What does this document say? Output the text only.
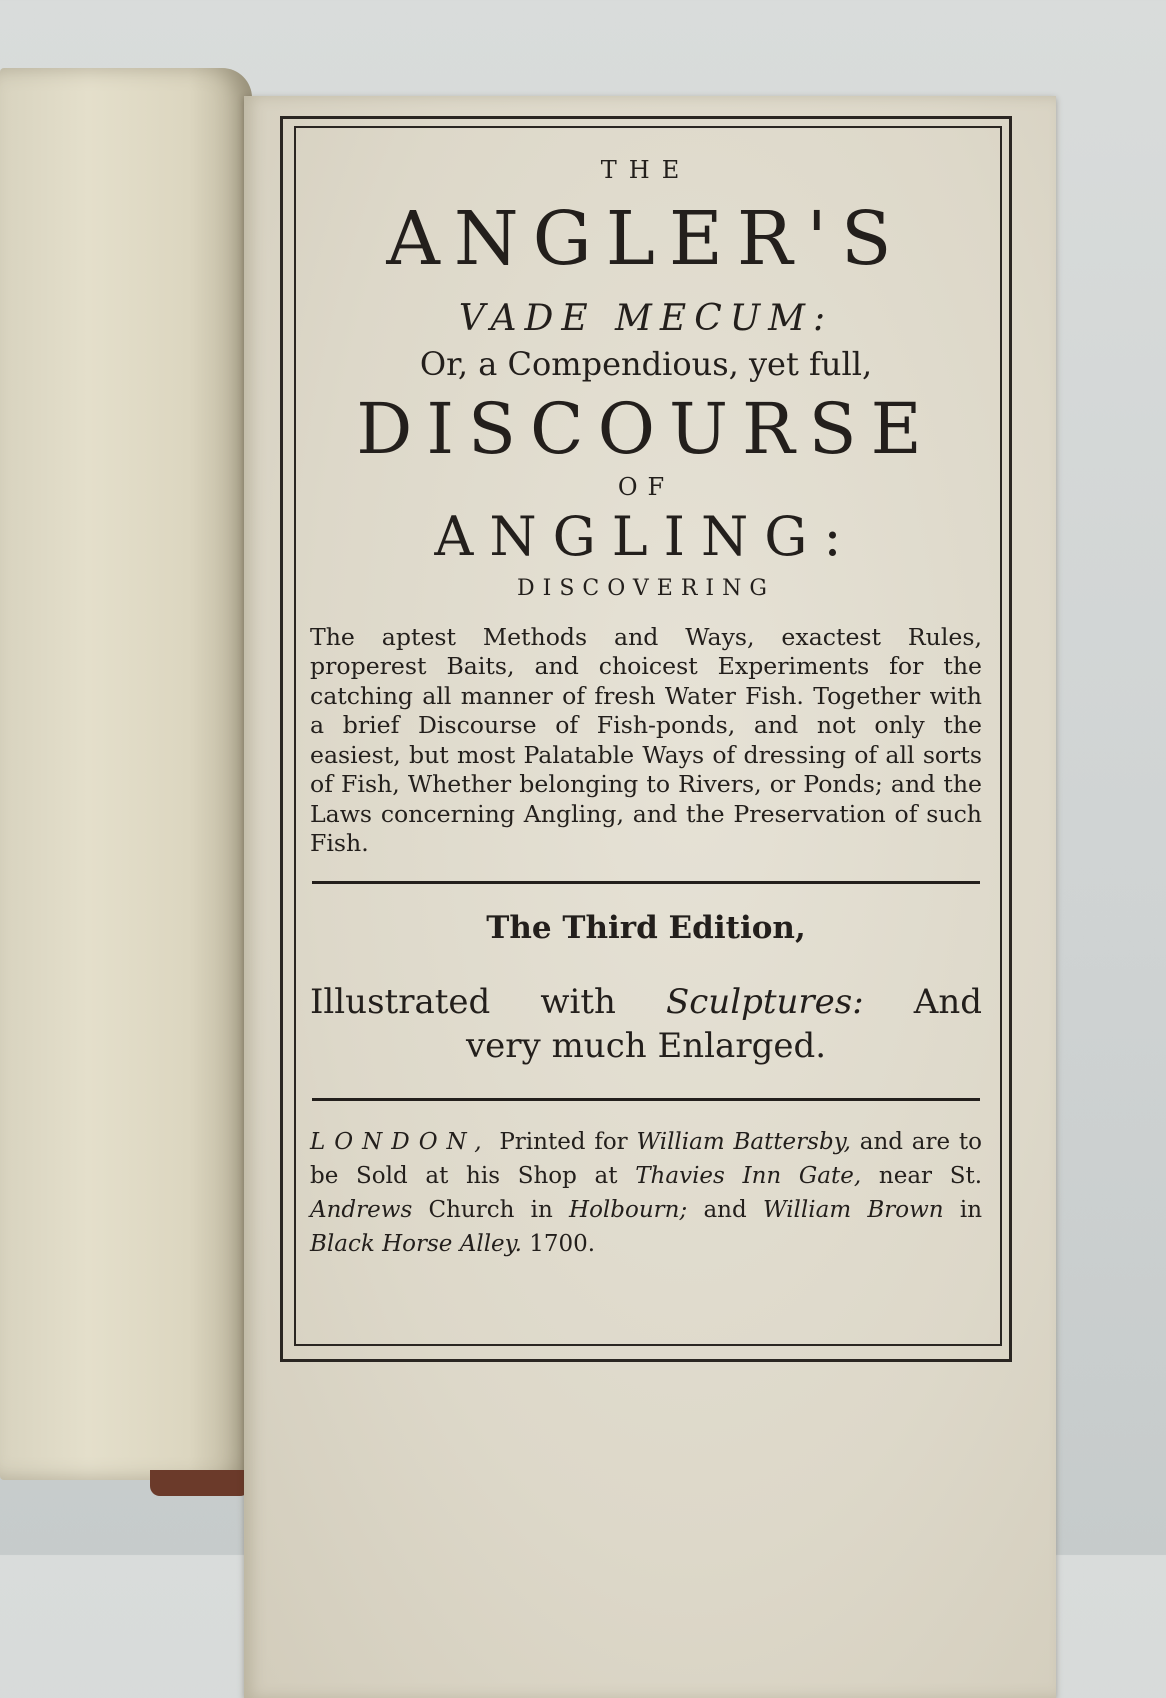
THE
ANGLER'S
VADE MECUM:
Or, a Compendious, yet full,
DISCOURSE
OF
ANGLING:
DISCOVERING
The aptest Methods and Ways, exactest Rules, properest Baits, and choicest Experiments for the catching all manner of fresh Water Fish. Together with a brief Discourse of Fish-ponds, and not only the easiest, but most Palatable Ways of dressing of all sorts of Fish, Whether belonging to Rivers, or Ponds; and the Laws concerning Angling, and the Preservation of such Fish.
The Third Edition,
Illustrated with Sculptures: And
very much Enlarged.
LONDON, Printed for William Battersby, and are to be Sold at his Shop at Thavies Inn Gate, near St. Andrews Church in Holbourn; and William Brown in Black Horse Alley. 1700.
